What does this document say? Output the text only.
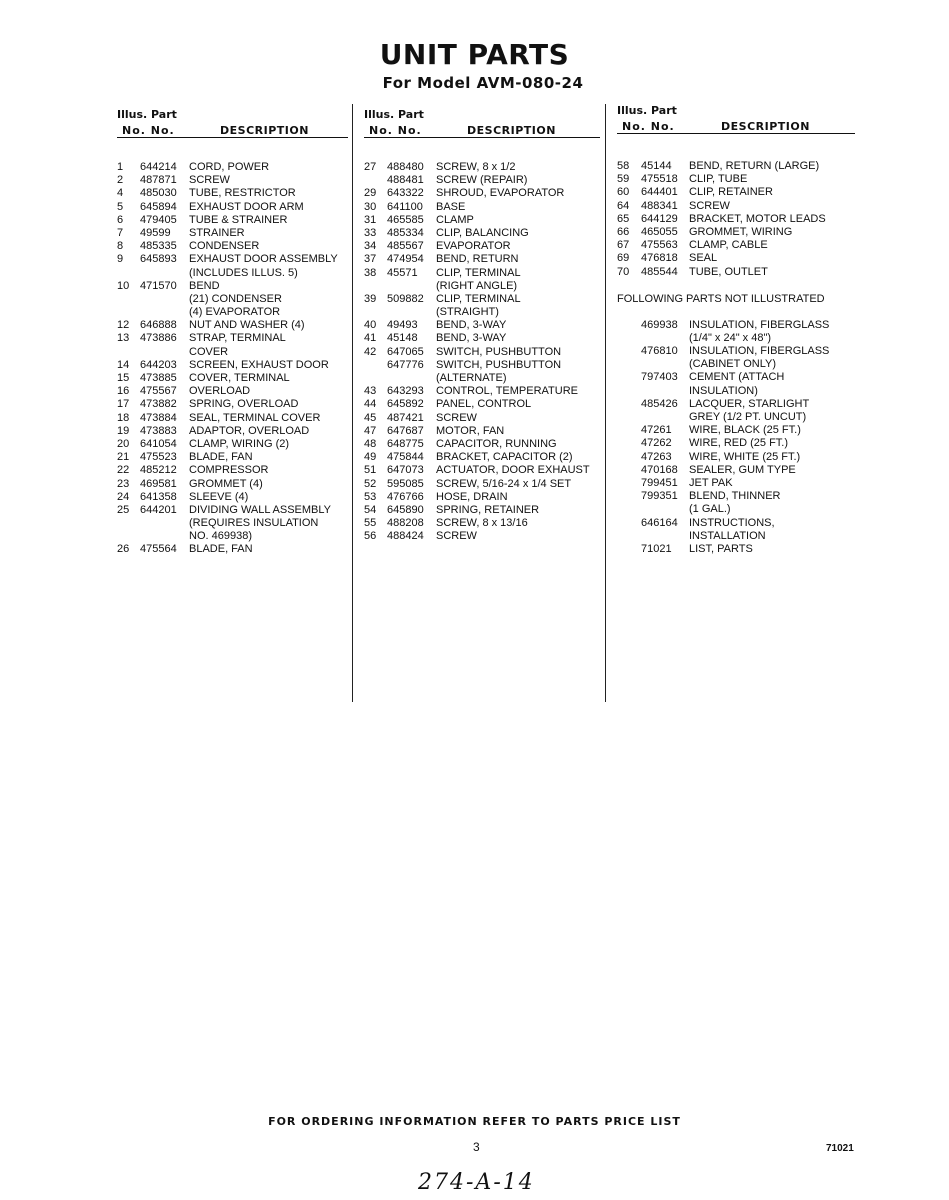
UNIT PARTS
For Model AVM-080-24
Illus. Part
No. No.	DESCRIPTION
1 644214 CORD, POWER
2 487871 SCREW
4 485030 TUBE, RESTRICTOR
5 645894 EXHAUST DOOR ARM
6 479405 TUBE & STRAINER
7 49599 STRAINER
8 485335 CONDENSER
9 645893 EXHAUST DOOR ASSEMBLY
(INCLUDES ILLUS. 5)
10 471570 BEND
(21) CONDENSER
(4) EVAPORATOR
12 646888 NUT AND WASHER (4)
13 473886 STRAP, TERMINAL
COVER
14 644203 SCREEN, EXHAUST DOOR
15 473885 COVER, TERMINAL
16 475567 OVERLOAD
17 473882 SPRING, OVERLOAD
18 473884 SEAL, TERMINAL COVER
19 473883 ADAPTOR, OVERLOAD
20 641054 CLAMP, WIRING (2)
21 475523 BLADE, FAN
22 485212 COMPRESSOR
23 469581 GROMMET (4)
24 641358 SLEEVE (4)
25 644201 DIVIDING WALL ASSEMBLY
(REQUIRES INSULATION
NO. 469938)
26 475564 BLADE, FAN
Illus. Part
No. No.	DESCRIPTION
27 488480 SCREW, 8 x 1/2
488481 SCREW (REPAIR)
29 643322 SHROUD, EVAPORATOR
30 641100 BASE
31 465585 CLAMP
33 485334 CLIP, BALANCING
34 485567 EVAPORATOR
37 474954 BEND, RETURN
38 45571 CLIP, TERMINAL
(RIGHT ANGLE)
39 509882 CLIP, TERMINAL
(STRAIGHT)
40 49493 BEND, 3-WAY
41 45148 BEND, 3-WAY
42 647065 SWITCH, PUSHBUTTON
647776 SWITCH, PUSHBUTTON
(ALTERNATE)
43 643293 CONTROL, TEMPERATURE
44 645892 PANEL, CONTROL
45 487421 SCREW
47 647687 MOTOR, FAN
48 648775 CAPACITOR, RUNNING
49 475844 BRACKET, CAPACITOR (2)
51 647073 ACTUATOR, DOOR EXHAUST
52 595085 SCREW, 5/16-24 x 1/4 SET
53 476766 HOSE, DRAIN
54 645890 SPRING, RETAINER
55 488208 SCREW, 8 x 13/16
56 488424 SCREW
Illus. Part
No. No.	DESCRIPTION
58 45144 BEND, RETURN (LARGE)
59 475518 CLIP, TUBE
60 644401 CLIP, RETAINER
64 488341 SCREW
65 644129 BRACKET, MOTOR LEADS
66 465055 GROMMET, WIRING
67 475563 CLAMP, CABLE
69 476818 SEAL
70 485544 TUBE, OUTLET
FOLLOWING PARTS NOT ILLUSTRATED
469938 INSULATION, FIBERGLASS
(1/4" x 24" x 48")
476810 INSULATION, FIBERGLASS
(CABINET ONLY)
797403 CEMENT (ATTACH
INSULATION)
485426 LACQUER, STARLIGHT
GREY (1/2 PT. UNCUT)
47261 WIRE, BLACK (25 FT.)
47262 WIRE, RED (25 FT.)
47263 WIRE, WHITE (25 FT.)
470168 SEALER, GUM TYPE
799451 JET PAK
799351 BLEND, THINNER
(1 GAL.)
646164 INSTRUCTIONS,
INSTALLATION
71021 LIST, PARTS
FOR ORDERING INFORMATION REFER TO PARTS PRICE LIST
3	71021
274-A-14
